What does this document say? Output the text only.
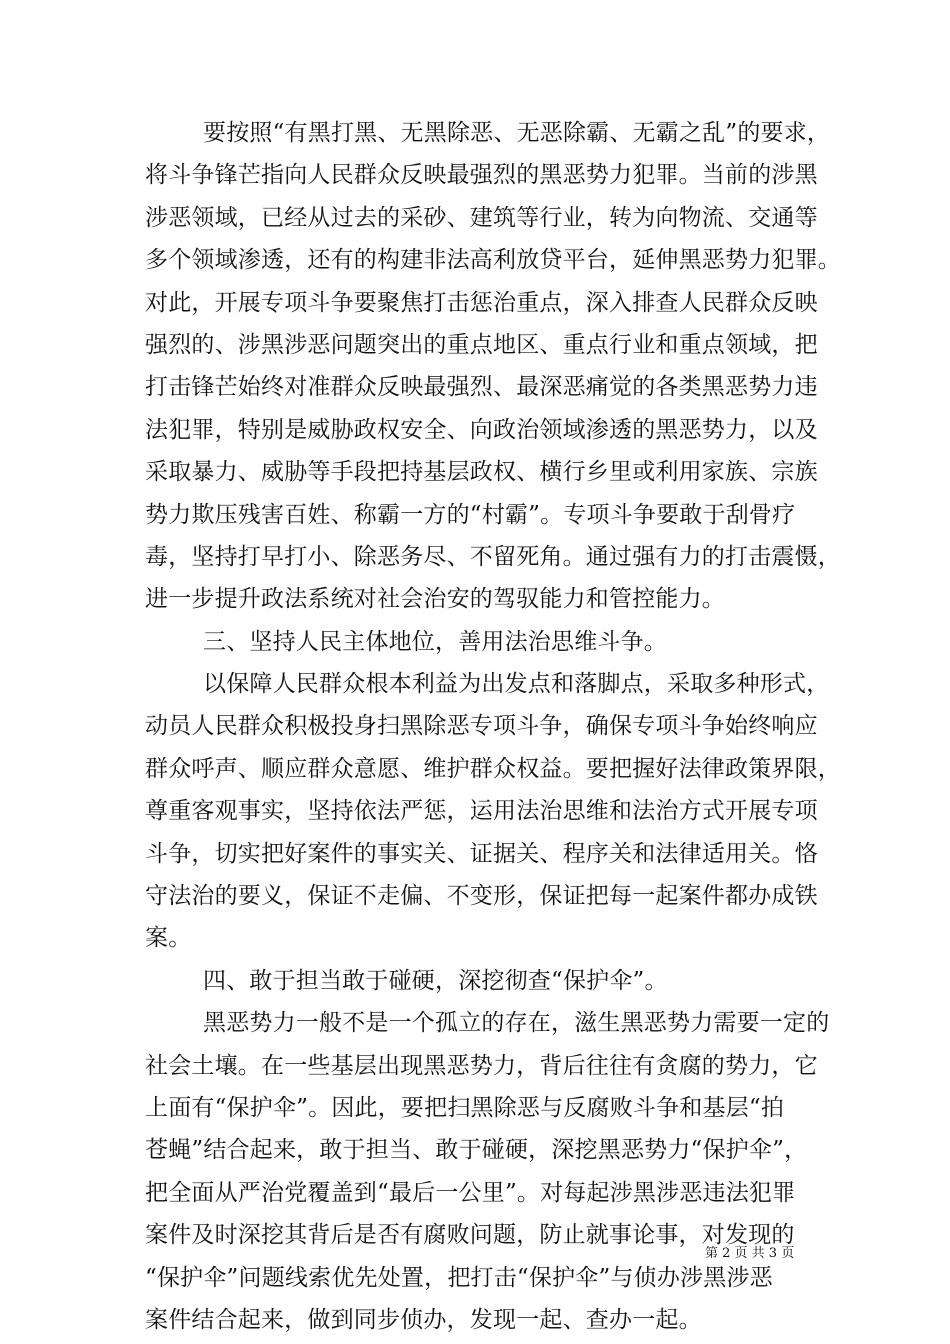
要按照“有黑打黑、无黑除恶、无恶除霸、无霸之乱”的要求，
将斗争锋芒指向人民群众反映最强烈的黑恶势力犯罪。当前的涉黑
涉恶领域，已经从过去的采砂、建筑等行业，转为向物流、交通等
多个领域渗透，还有的构建非法高利放贷平台，延伸黑恶势力犯罪。
对此，开展专项斗争要聚焦打击惩治重点，深入排查人民群众反映
强烈的、涉黑涉恶问题突出的重点地区、重点行业和重点领域，把
打击锋芒始终对准群众反映最强烈、最深恶痛觉的各类黑恶势力违
法犯罪，特别是威胁政权安全、向政治领域渗透的黑恶势力，以及
采取暴力、威胁等手段把持基层政权、横行乡里或利用家族、宗族
势力欺压残害百姓、称霸一方的“村霸”。专项斗争要敢于刮骨疗
毒，坚持打早打小、除恶务尽、不留死角。通过强有力的打击震慑，
进一步提升政法系统对社会治安的驾驭能力和管控能力。
三、坚持人民主体地位，善用法治思维斗争。
以保障人民群众根本利益为出发点和落脚点，采取多种形式，
动员人民群众积极投身扫黑除恶专项斗争，确保专项斗争始终响应
群众呼声、顺应群众意愿、维护群众权益。要把握好法律政策界限，
尊重客观事实，坚持依法严惩，运用法治思维和法治方式开展专项
斗争，切实把好案件的事实关、证据关、程序关和法律适用关。恪
守法治的要义，保证不走偏、不变形，保证把每一起案件都办成铁
案。
四、敢于担当敢于碰硬，深挖彻查“保护伞”。
黑恶势力一般不是一个孤立的存在，滋生黑恶势力需要一定的
社会土壤。在一些基层出现黑恶势力，背后往往有贪腐的势力，它
上面有“保护伞”。因此，要把扫黑除恶与反腐败斗争和基层“拍
苍蝇”结合起来，敢于担当、敢于碰硬，深挖黑恶势力“保护伞”，
把全面从严治党覆盖到“最后一公里”。对每起涉黑涉恶违法犯罪
案件及时深挖其背后是否有腐败问题，防止就事论事，对发现的
“保护伞”问题线索优先处置，把打击“保护伞”与侦办涉黑涉恶
案件结合起来，做到同步侦办，发现一起、查办一起。
第 2 页 共 3 页
